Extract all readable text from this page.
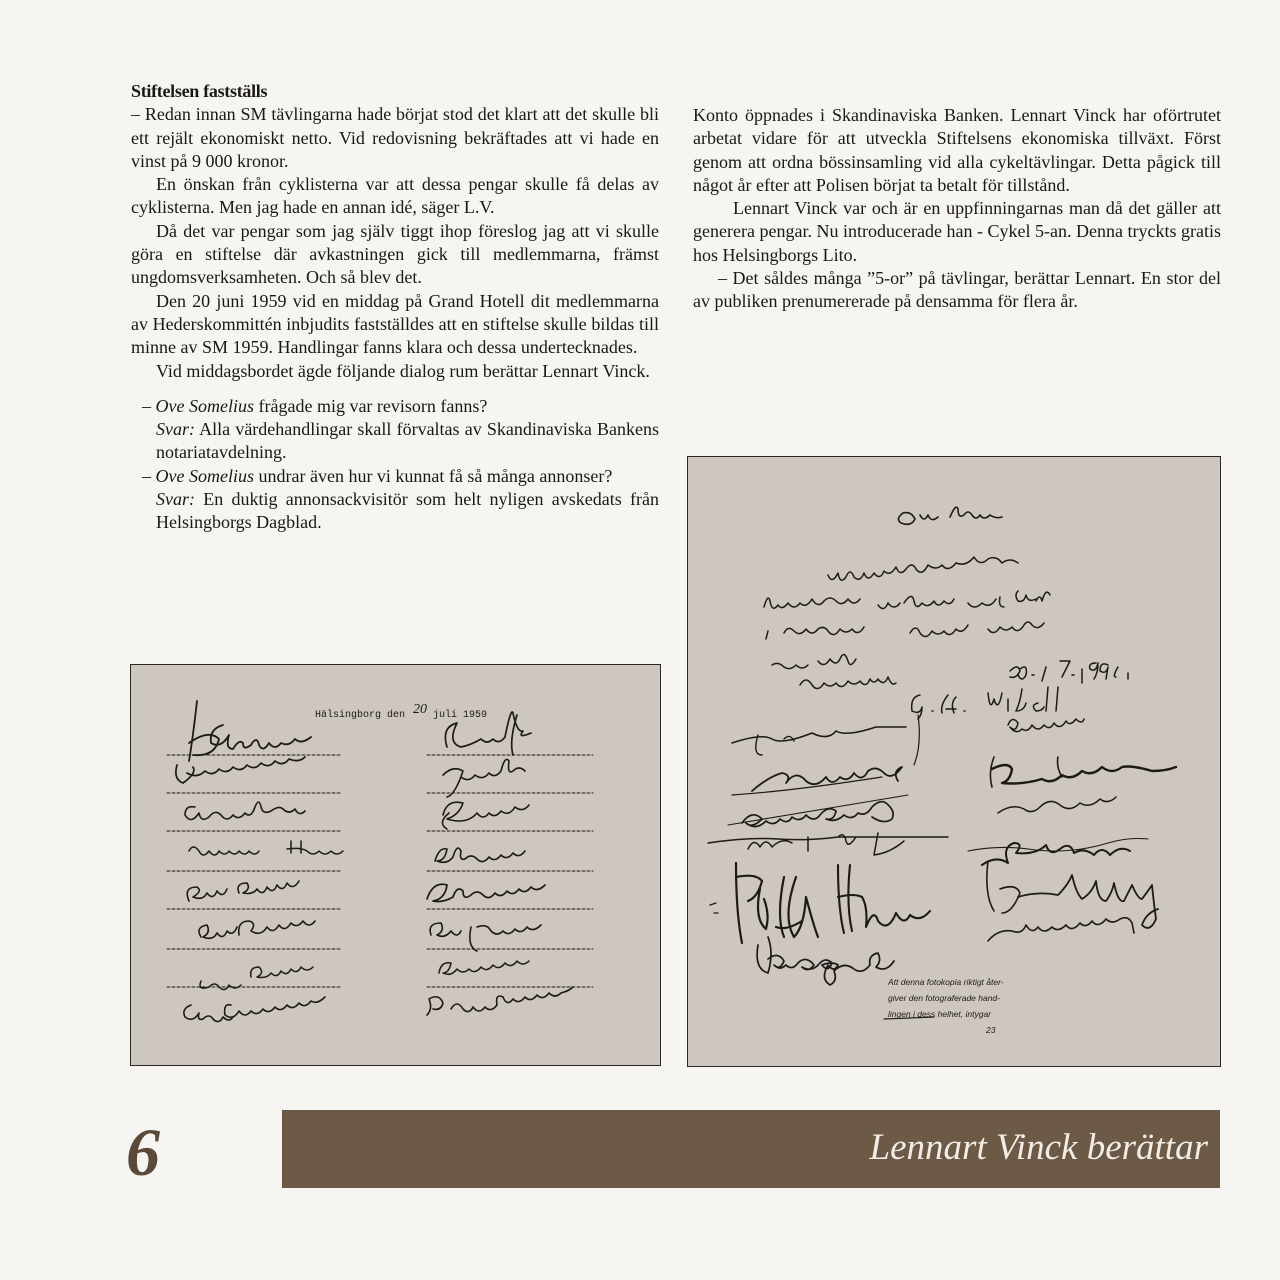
Stiftelsen fastställs

– Redan innan SM tävlingarna hade börjat stod det klart att det skulle bli ett rejält ekonomiskt netto. Vid redovisning bekräftades att vi hade en vinst på 9 000 kronor.

En önskan från cyklisterna var att dessa pengar skulle få delas av cyklisterna. Men jag hade en annan idé, säger L.V.

Då det var pengar som jag själv tiggt ihop föreslog jag att vi skulle göra en stiftelse där avkastningen gick till medlemmarna, främst ungdomsverksamheten. Och så blev det.

Den 20 juni 1959 vid en middag på Grand Hotell dit medlemmarna av Hederskommittén inbjudits fastställdes att en stiftelse skulle bildas till minne av SM 1959. Handlingar fanns klara och dessa undertecknades.

Vid middagsbordet ägde följande dialog rum berättar Lennart Vinck.

– Ove Somelius frågade mig var revisorn fanns?

Svar: Alla värdehandlingar skall förvaltas av Skandinaviska Bankens notariatavdelning.

– Ove Somelius undrar även hur vi kunnat få så många annonser?

Svar: En duktig annonsackvisitör som helt nyligen avskedats från Helsingborgs Dagblad.

Konto öppnades i Skandinaviska Banken. Lennart Vinck har oförtrutet arbetat vidare för att utveckla Stiftelsens ekonomiska tillväxt. Först genom att ordna bössinsamling vid alla cykeltävlingar. Detta pågick till något år efter att Polisen börjat ta betalt för tillstånd.

Lennart Vinck var och är en uppfinningarnas man då det gäller att generera pengar. Nu introducerade han - Cykel 5-an. Denna tryckts gratis hos Helsingborgs Lito.

– Det såldes många ”5-or” på tävlingar, berättar Lennart. En stor del av publiken prenumererade på densamma för flera år.

Att denna fotokopia riktigt åter-
giver den fotograferade hand-
lingen i dess helhet, intygar
23
Hälsingborg den 20 juli 1959
6	Lennart Vinck berättar
